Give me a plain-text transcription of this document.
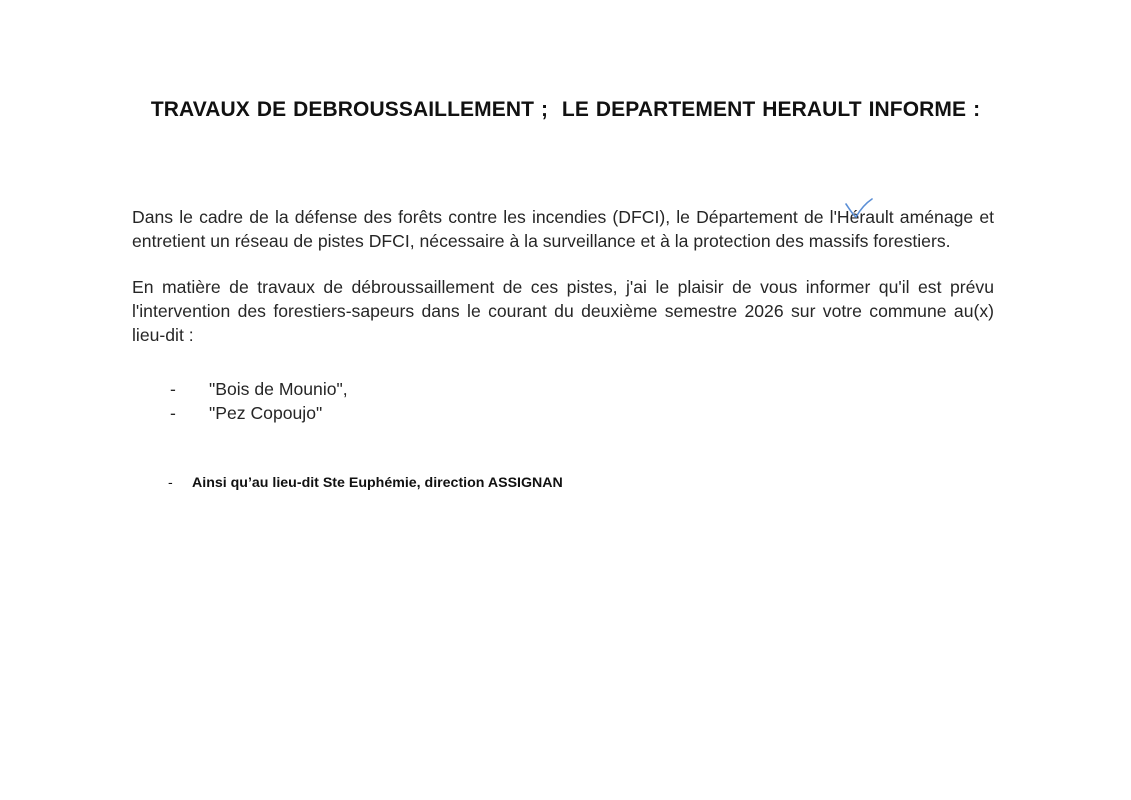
TRAVAUX DE DEBROUSSAILLEMENT ;  LE DEPARTEMENT HERAULT INFORME :

Dans le cadre de la défense des forêts contre les incendies (DFCI), le Département de l'Hérault aménage et entretient un réseau de pistes DFCI, nécessaire à la surveillance et à la protection des massifs forestiers.

En matière de travaux de débroussaillement de ces pistes, j'ai le plaisir de vous informer qu'il est prévu l'intervention des forestiers-sapeurs dans le courant du deuxième semestre 2026 sur votre commune au(x) lieu-dit :

- "Bois de Mounio",
- "Pez Copoujo"
- Ainsi qu’au lieu-dit Ste Euphémie, direction ASSIGNAN
